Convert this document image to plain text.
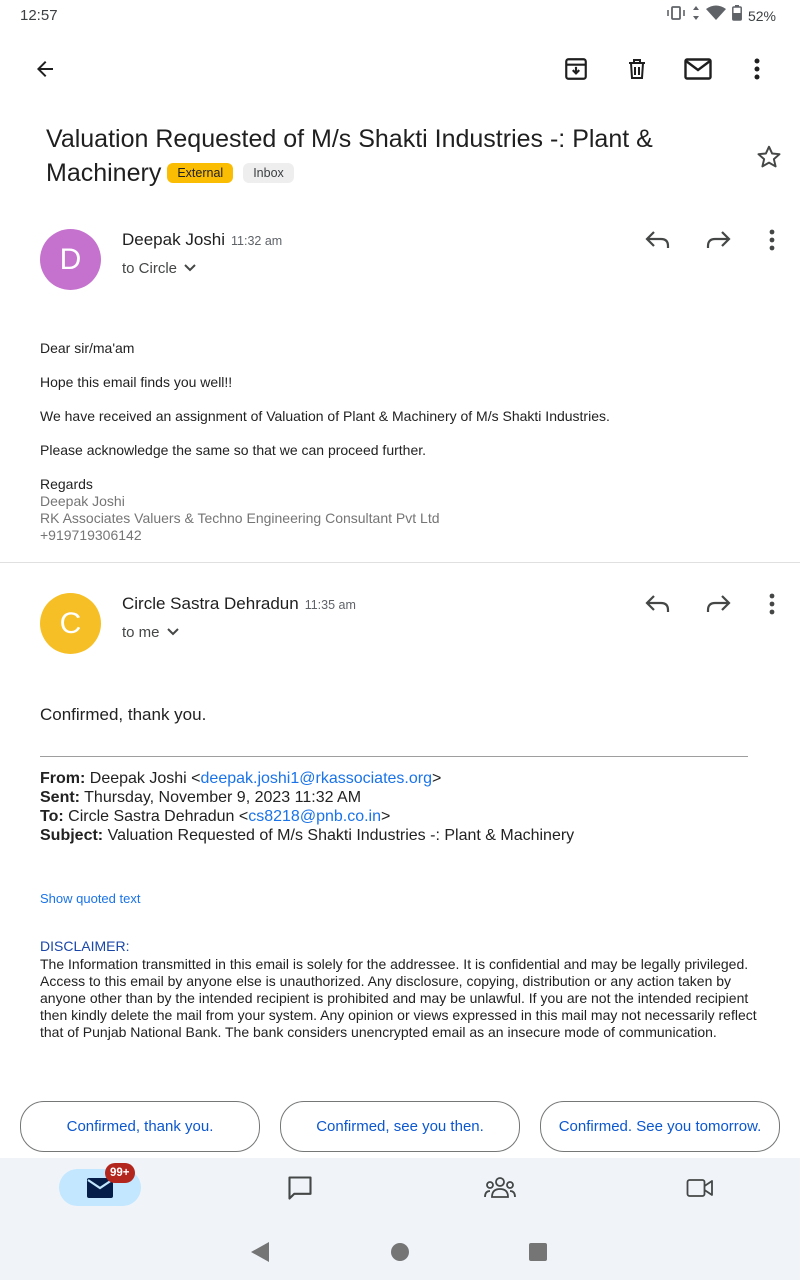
12:57	52%
Valuation Requested of M/s Shakti Industries -: Plant & Machinery External Inbox
D
Deepak Joshi 11:32 am
to Circle
Dear sir/ma'am
Hope this email finds you well!!
We have received an assignment of Valuation of Plant & Machinery of M/s Shakti Industries.
Please acknowledge the same so that we can proceed further.
Regards
Deepak Joshi
RK Associates Valuers & Techno Engineering Consultant Pvt Ltd
+919719306142
C
Circle Sastra Dehradun 11:35 am
to me
Confirmed, thank you.
From: Deepak Joshi <deepak.joshi1@rkassociates.org>
Sent: Thursday, November 9, 2023 11:32 AM
To: Circle Sastra Dehradun <cs8218@pnb.co.in>
Subject: Valuation Requested of M/s Shakti Industries -: Plant & Machinery
Show quoted text
DISCLAIMER:
The Information transmitted in this email is solely for the addressee. It is confidential and may be legally privileged. Access to this email by anyone else is unauthorized. Any disclosure, copying, distribution or any action taken by anyone other than by the intended recipient is prohibited and may be unlawful. If you are not the intended recipient then kindly delete the mail from your system. Any opinion or views expressed in this mail may not necessarily reflect that of Punjab National Bank. The bank considers unencrypted email as an insecure mode of communication.
Confirmed, thank you.	Confirmed, see you then.	Confirmed. See you tomorrow.
99+
